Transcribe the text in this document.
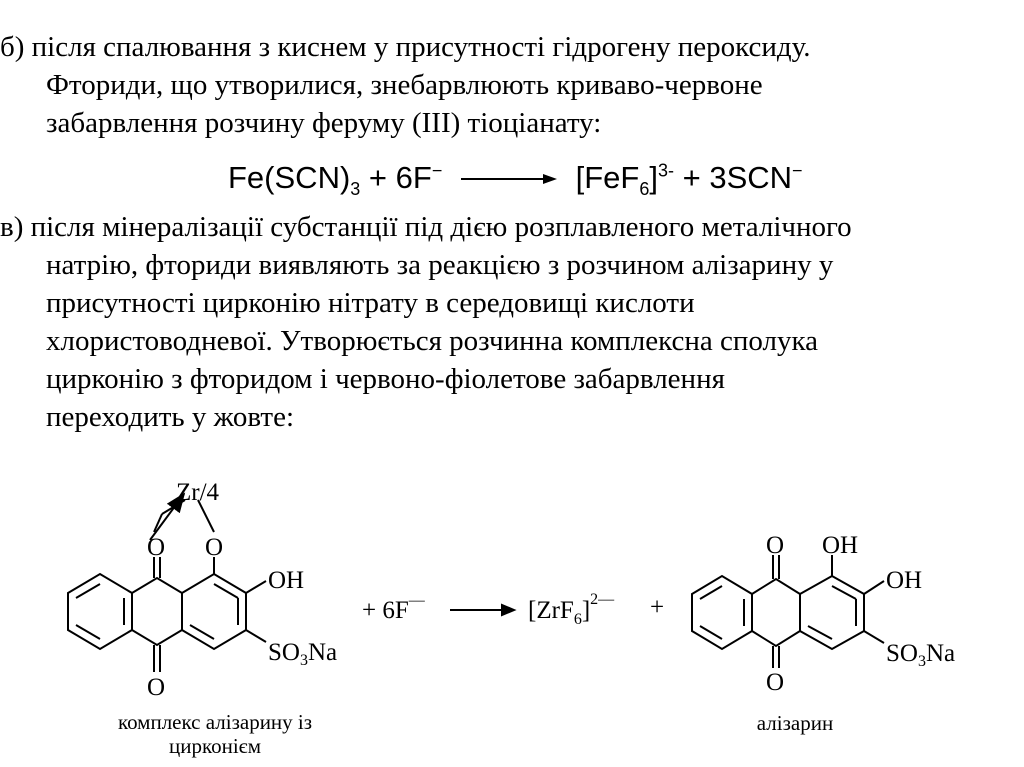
б) після спалювання з киснем у присутності гідрогену пероксиду.
Фториди, що утворилися, знебарвлюють криваво-червоне
забарвлення розчину феруму (III) тіоціанату:
$Fe(SCN)_3 + 6F^-$	$[FeF_6]^{3-} + 3SCN^-$
в) після мінералізації субстанції під дією розплавленого металічного
натрію, фториди виявляють за реакцією з розчином алізарину у
присутності цирконію нітрату в середовищі кислоти
хлористоводневої. Утворюється розчинна комплексна сполука
цирконію з фторидом і червоно-фіолетове забарвлення
переходить у жовте:
Zr/4
O O
OH
O
$SO_3Na$
+ 6F—	$[ZrF_6]^{2—}$ +
O OH
OH
O
$SO_3Na$
комплекс алізарину із цирконієм
алізарин
